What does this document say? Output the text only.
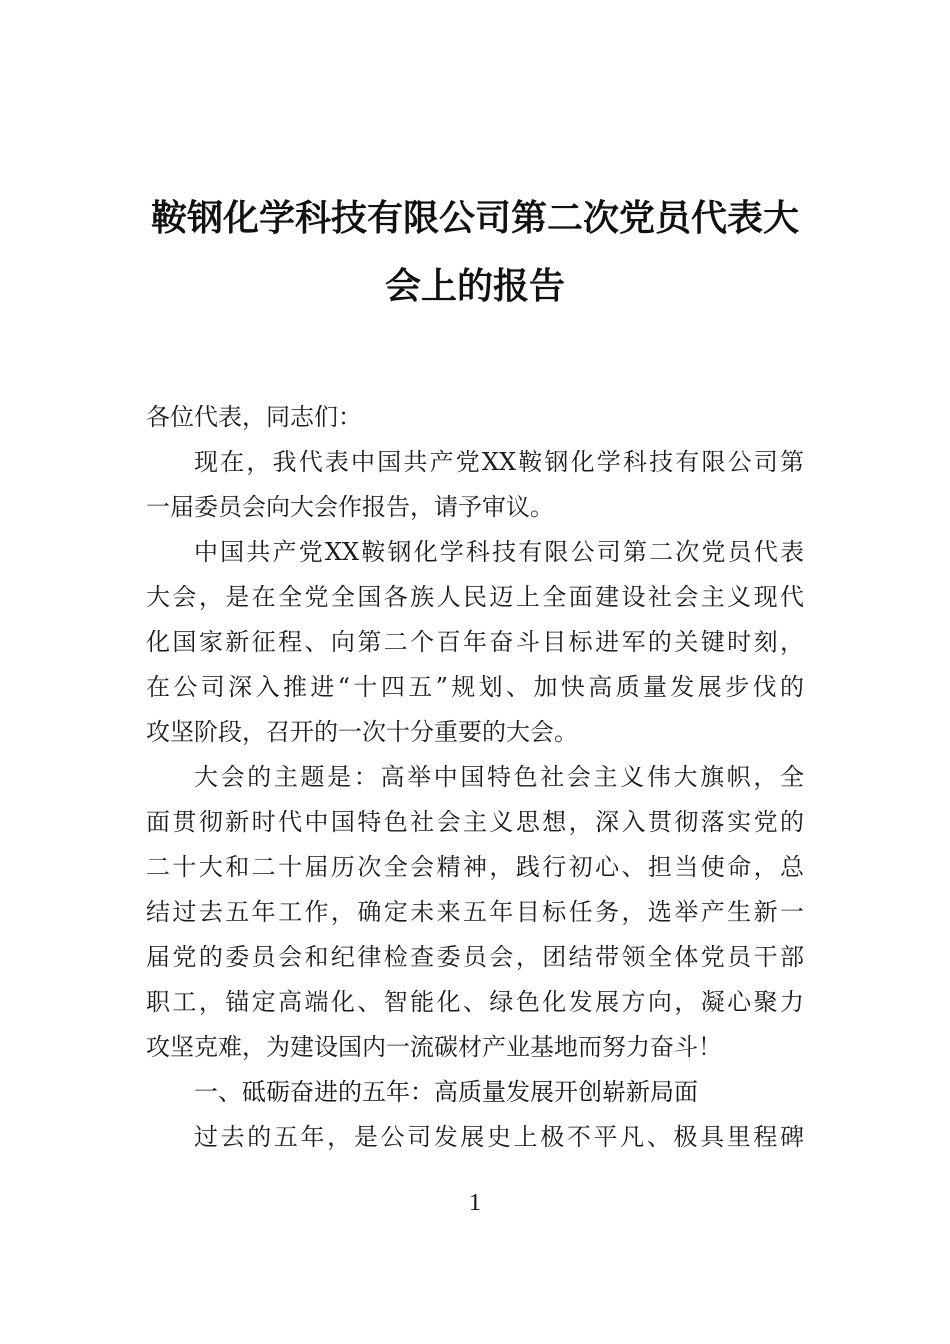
鞍钢化学科技有限公司第二次党员代表大
会上的报告
各位代表，同志们：
现在，我代表中国共产党XX鞍钢化学科技有限公司第
一届委员会向大会作报告，请予审议。
中国共产党XX鞍钢化学科技有限公司第二次党员代表
大会，是在全党全国各族人民迈上全面建设社会主义现代
化国家新征程、向第二个百年奋斗目标进军的关键时刻，
在公司深入推进“十四五”规划、加快高质量发展步伐的
攻坚阶段，召开的一次十分重要的大会。
大会的主题是：高举中国特色社会主义伟大旗帜，全
面贯彻新时代中国特色社会主义思想，深入贯彻落实党的
二十大和二十届历次全会精神，践行初心、担当使命，总
结过去五年工作，确定未来五年目标任务，选举产生新一
届党的委员会和纪律检查委员会，团结带领全体党员干部
职工，锚定高端化、智能化、绿色化发展方向，凝心聚力
攻坚克难，为建设国内一流碳材产业基地而努力奋斗！
一、砥砺奋进的五年：高质量发展开创崭新局面
过去的五年，是公司发展史上极不平凡、极具里程碑
1
